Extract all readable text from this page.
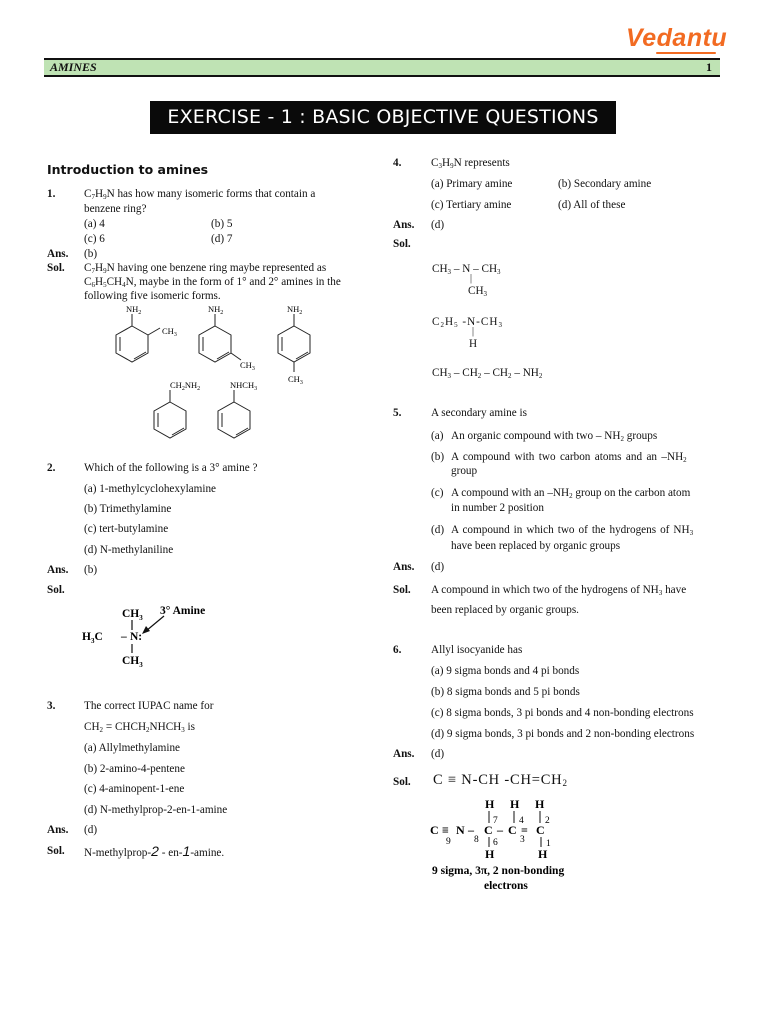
Vedantu
AMINES	1
EXERCISE - 1 : BASIC OBJECTIVE QUESTIONS
Introduction to amines
1.	$C_7H_9N$ has how many isomeric forms that contain a
benzene ring?
(a) 4	(b) 5
(c) 6	(d) 7
Ans. (b)
Sol. $C_7H_9N$ having one benzene ring maybe represented as
$C_6H_5CH_4N$, maybe in the form of 1° and 2° amines in the
following five isomeric forms.
$NH_2$
$CH_3$
$NH_2$
$CH_3$
$NH_2$
$CH_3$
$CH_2NH_2$	$NHCH_3$
2.	Which of the following is a 3° amine ?
(a) 1-methylcyclohexylamine
(b) Trimethylamine
(c) tert-butylamine
(d) N-methylaniline
Ans. (b)
Sol.
$CH_3$
$H_3C$ – N:
$CH_3$
3° Amine
3.	The correct IUPAC name for
$CH_2$ = $CHCH_2NHCH_3$ is
(a) Allylmethylamine
(b) 2-amino-4-pentene
(c) 4-aminopent-1-ene
(d) N-methylprop-2-en-1-amine
Ans. (d)
Sol. N-methylprop-2 - en-1-amine.
4.	$C_3H_9N$ represents
(a) Primary amine	(b) Secondary amine
(c) Tertiary amine	(d) All of these
Ans. (d)
Sol.
$CH_3$ – N – $CH_3$
|
$CH_3$
$C_2H_5$ $-N-CH_3$
|
H
$CH_3 - CH_2 - CH_2 - NH_2$
5.	A secondary amine is
(a) An organic compound with two – $NH_2$ groups
(b) A compound with two carbon atoms and an $-NH_2$
group
(c) A compound with an $-NH_2$ group on the carbon atom
in number 2 position
(d) A compound in which two of the hydrogens of $NH_3$
have been replaced by organic groups
Ans. (d)
Sol. A compound in which two of the hydrogens of $NH_3$ have
been replaced by organic groups.
6.	Allyl isocyanide has
(a) 9 sigma bonds and 4 pi bonds
(b) 8 sigma bonds and 5 pi bonds
(c) 8 sigma bonds, 3 pi bonds and 4 non-bonding electrons
(d) 9 sigma bonds, 3 pi bonds and 2 non-bonding electrons
Ans. (d)
Sol. C ≡ N-CH $-CH=CH_2$
H H H
C ≡ N – C – C = C
H	H
9 8
7 4 2
6 3 1
9 sigma, 3π, 2 non-bonding
electrons
